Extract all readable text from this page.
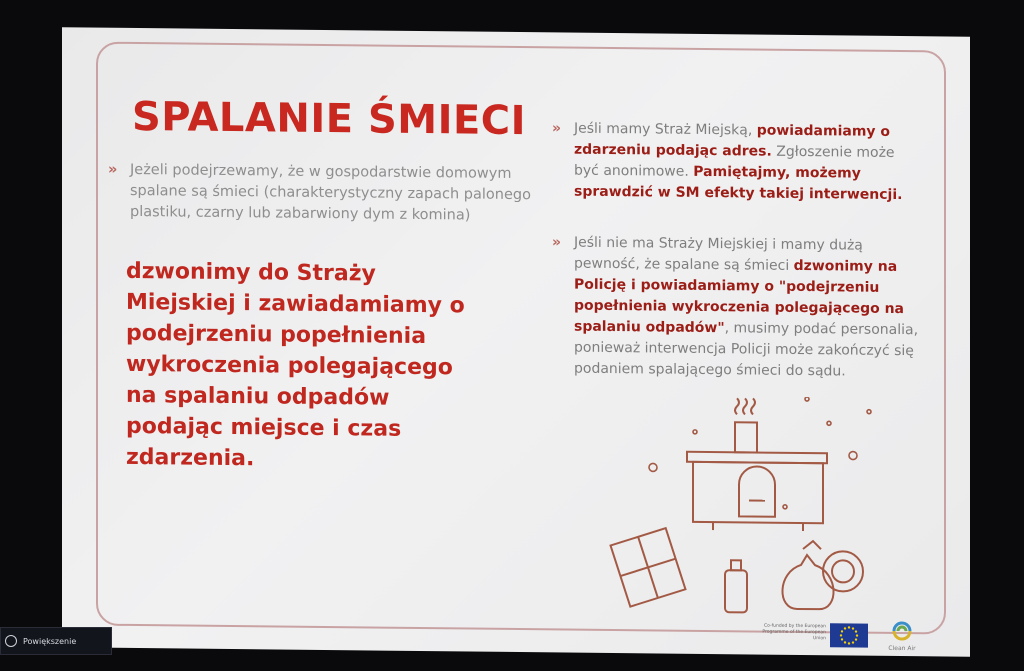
SPALANIE ŚMIECI
» Jeżeli podejrzewamy, że w gospodarstwie domowym spalane są śmieci (charakterystyczny zapach palonego plastiku, czarny lub zabarwiony dym z komina)
dzwonimy do Straży Miejskiej i zawiadamiamy o podejrzeniu popełnienia wykroczenia polegającego na spalaniu odpadów podając miejsce i czas zdarzenia.
» Jeśli mamy Straż Miejską, powiadamiamy o zdarzeniu podając adres. Zgłoszenie może być anonimowe. Pamiętajmy, możemy sprawdzić w SM efekty takiej interwencji.
» Jeśli nie ma Straży Miejskiej i mamy dużą pewność, że spalane są śmieci dzwonimy na Policję i powiadamiamy o "podejrzeniu popełnienia wykroczenia polegającego na spalaniu odpadów", musimy podać personalia, ponieważ interwencja Policji może zakończyć się podaniem spalającego śmieci do sądu.
Co-funded by the European Programme of the European Union
Clean Air
Powiększenie
